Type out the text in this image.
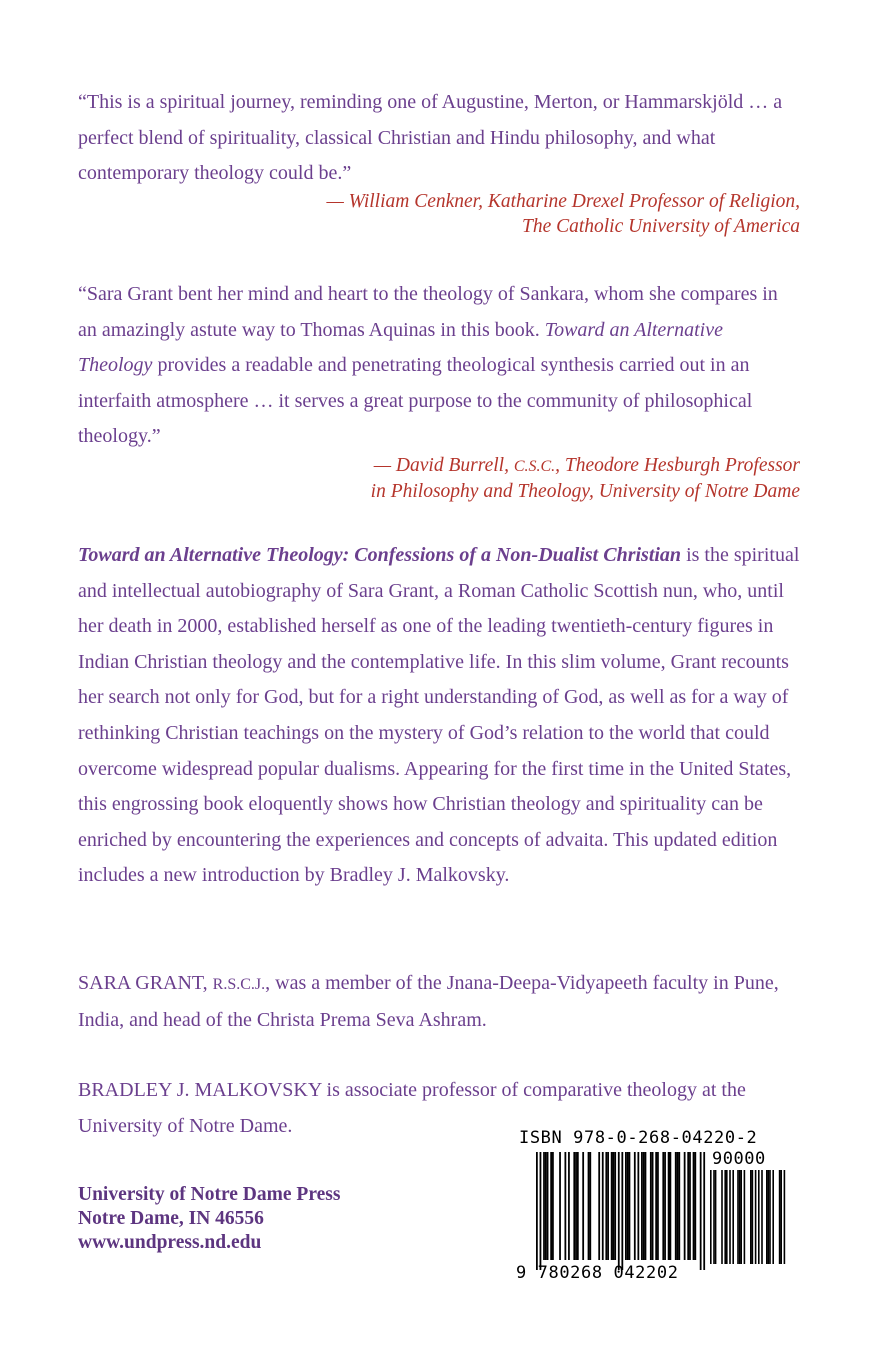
“This is a spiritual journey, reminding one of Augustine, Merton, or Hammarskjöld … a perfect blend of spirituality, classical Christian and Hindu philosophy, and what contemporary theology could be.”
— William Cenkner, Katharine Drexel Professor of Religion,
The Catholic University of America
“Sara Grant bent her mind and heart to the theology of Sankara, whom she compares in an amazingly astute way to Thomas Aquinas in this book. Toward an Alternative Theology provides a readable and penetrating theological synthesis carried out in an interfaith atmosphere … it serves a great purpose to the community of philosophical theology.”
— David Burrell, C.S.C., Theodore Hesburgh Professor
in Philosophy and Theology, University of Notre Dame
Toward an Alternative Theology: Confessions of a Non-Dualist Christian is the spiritual and intellectual autobiography of Sara Grant, a Roman Catholic Scottish nun, who, until her death in 2000, established herself as one of the leading twentieth-century figures in Indian Christian theology and the contemplative life. In this slim volume, Grant recounts her search not only for God, but for a right understanding of God, as well as for a way of rethinking Christian teachings on the mystery of God’s relation to the world that could overcome widespread popular dualisms. Appearing for the first time in the United States, this engrossing book eloquently shows how Christian theology and spirituality can be enriched by encountering the experiences and concepts of advaita. This updated edition includes a new introduction by Bradley J. Malkovsky.
SARA GRANT, R.S.C.J., was a member of the Jnana-Deepa-Vidyapeeth faculty in Pune, India, and head of the Christa Prema Seva Ashram.
BRADLEY J. MALKOVSKY is associate professor of comparative theology at the University of Notre Dame.
University of Notre Dame Press
Notre Dame, IN 46556
www.undpress.nd.edu
ISBN 978-0-268-04220-2
90000
9 780268 042202
